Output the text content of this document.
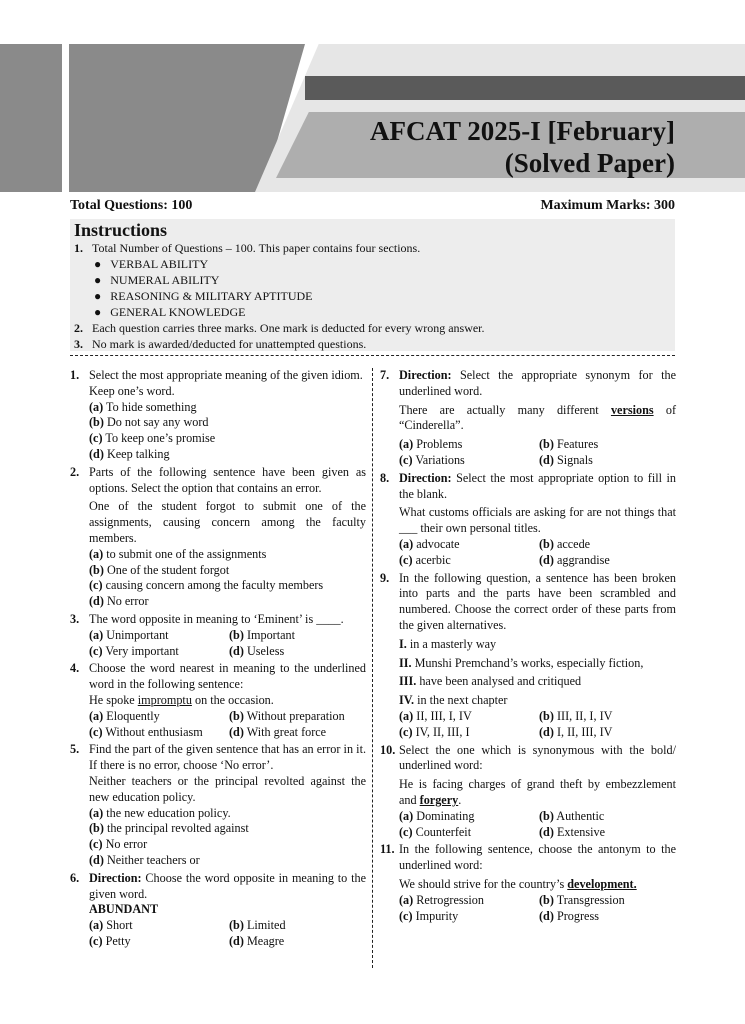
AFCAT 2025-I [February]
(Solved Paper)
Total Questions: 100	Maximum Marks: 300
Instructions
1. Total Number of Questions – 100. This paper contains four sections.
● VERBAL ABILITY
● NUMERAL ABILITY
● REASONING & MILITARY APTITUDE
● GENERAL KNOWLEDGE
2. Each question carries three marks. One mark is deducted for every wrong answer.
3. No mark is awarded/deducted for unattempted questions.
1. Select the most appropriate meaning of the given idiom.

Keep one’s word.

(a) To hide something

(b) Do not say any word

(c) To keep one’s promise

(d) Keep talking

2. Parts of the following sentence have been given as options. Select the option that contains an error.

One of the student forgot to submit one of the assignments, causing concern among the faculty members.

(a) to submit one of the assignments

(b) One of the student forgot

(c) causing concern among the faculty members

(d) No error

3. The word opposite in meaning to ‘Eminent’ is ____.

(a) Unimportant	(b) Important

(c) Very important	(d) Useless

4. Choose the word nearest in meaning to the underlined word in the following sentence:

He spoke impromptu on the occasion.

(a) Eloquently	(b) Without preparation

(c) Without enthusiasm	(d) With great force

5. Find the part of the given sentence that has an error in it. If there is no error, choose ‘No error’.

Neither teachers or the principal revolted against the new education policy.

(a) the new education policy.

(b) the principal revolted against

(c) No error

(d) Neither teachers or

6. Direction: Choose the word opposite in meaning to the given word.

ABUNDANT

(a) Short	(b) Limited

(c) Petty	(d) Meagre

7. Direction: Select the appropriate synonym for the underlined word.

There are actually many different versions of “Cinderella”.

(a) Problems	(b) Features

(c) Variations	(d) Signals

8. Direction: Select the most appropriate option to fill in the blank.

What customs officials are asking for are not things that ___ their own personal titles.

(a) advocate	(b) accede

(c) acerbic	(d) aggrandise

9. In the following question, a sentence has been broken into parts and the parts have been scrambled and numbered. Choose the correct order of these parts from the given alternatives.

I. in a masterly way

II. Munshi Premchand’s works, especially fiction,

III. have been analysed and critiqued

IV. in the next chapter

(a) II, III, I, IV	(b) III, II, I, IV

(c) IV, II, III, I	(d) I, II, III, IV

10. Select the one which is synonymous with the bold/ underlined word:

He is facing charges of grand theft by embezzlement and forgery.

(a) Dominating	(b) Authentic

(c) Counterfeit	(d) Extensive

11. In the following sentence, choose the antonym to the underlined word:

We should strive for the country’s development.

(a) Retrogression	(b) Transgression

(c) Impurity	(d) Progress
